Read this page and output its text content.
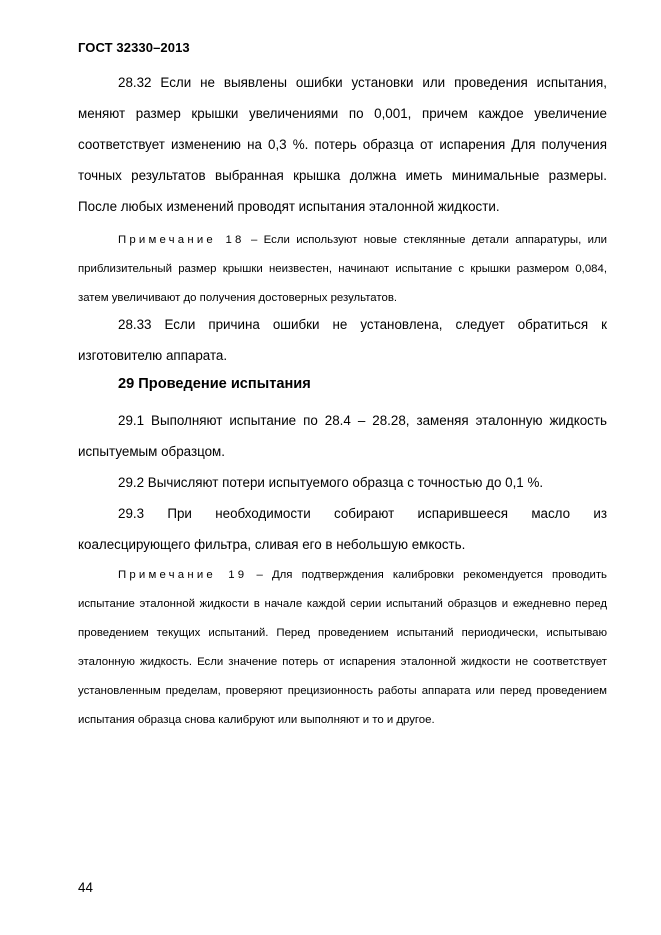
ГОСТ 32330–2013

28.32 Если не выявлены ошибки установки или проведения испытания, меняют размер крышки увеличениями по 0,001, причем каждое увеличение соответствует изменению на 0,3 %. потерь образца от испарения Для получения точных результатов выбранная крышка должна иметь минимальные размеры. После любых изменений проводят испытания эталонной жидкости.

Примечание 18 – Если используют новые стеклянные детали аппаратуры, или приблизительный размер крышки неизвестен, начинают испытание с крышки размером 0,084, затем увеличивают до получения достоверных результатов.

28.33 Если причина ошибки не установлена, следует обратиться к изготовителю аппарата.

29 Проведение испытания

29.1 Выполняют испытание по 28.4 – 28.28, заменяя эталонную жидкость испытуемым образцом.

29.2 Вычисляют потери испытуемого образца с точностью до 0,1 %.

29.3 При необходимости собирают испарившееся масло из

коалесцирующего фильтра, сливая его в небольшую емкость.

Примечание 19 – Для подтверждения калибровки рекомендуется проводить испытание эталонной жидкости в начале каждой серии испытаний образцов и ежедневно перед проведением текущих испытаний. Перед проведением испытаний периодически, испытываю эталонную жидкость. Если значение потерь от испарения эталонной жидкости не соответствует установленным пределам, проверяют прецизионность работы аппарата или перед проведением испытания образца снова калибруют или выполняют и то и другое.

44
